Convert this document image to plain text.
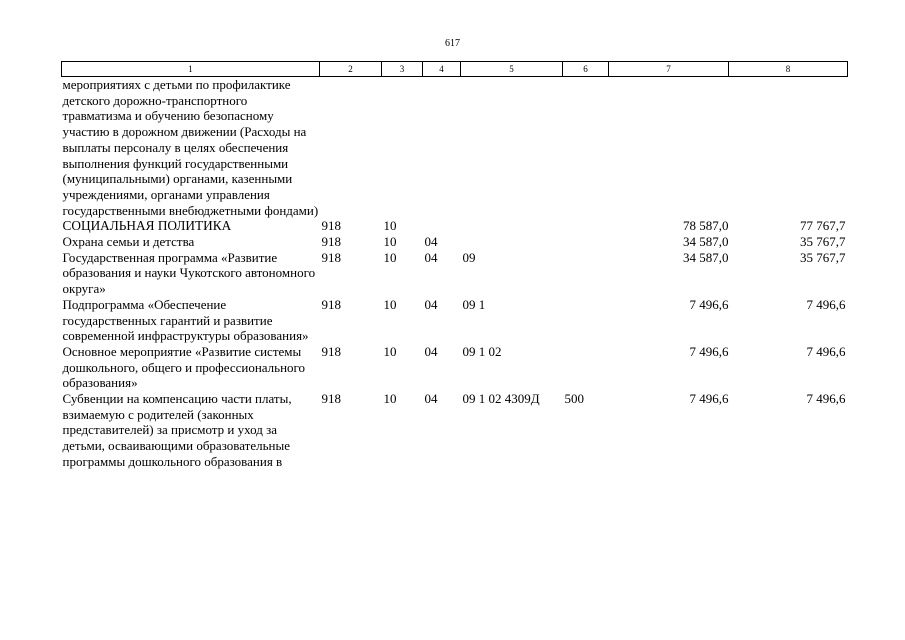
617
1	2	3	4	5	6	7	8
мероприятиях с детьми по профилактике детского дорожно-транспортного травматизма и обучению безопасному участию в дорожном движении (Расходы на выплаты персоналу в целях обеспечения выполнения функций государственными (муниципальными) органами, казенными учреждениями, органами управления государственными внебюджетными фондами)							
СОЦИАЛЬНАЯ ПОЛИТИКА	918	10				78 587,0	77 767,7
Охрана семьи и детства	918	10	04			34 587,0	35 767,7
Государственная программа «Развитие образования и науки Чукотского автономного округа»	918	10	04	09		34 587,0	35 767,7
Подпрограмма «Обеспечение государственных гарантий и развитие современной инфраструктуры образования»	918	10	04	09 1		7 496,6	7 496,6
Основное мероприятие «Развитие системы дошкольного, общего и профессионального образования»	918	10	04	09 1 02		7 496,6	7 496,6
Субвенции на компенсацию части платы, взимаемую с родителей (законных представителей) за присмотр и уход за детьми, осваивающими образовательные программы дошкольного образования в	918	10	04	09 1 02 4309Д	500	7 496,6	7 496,6
